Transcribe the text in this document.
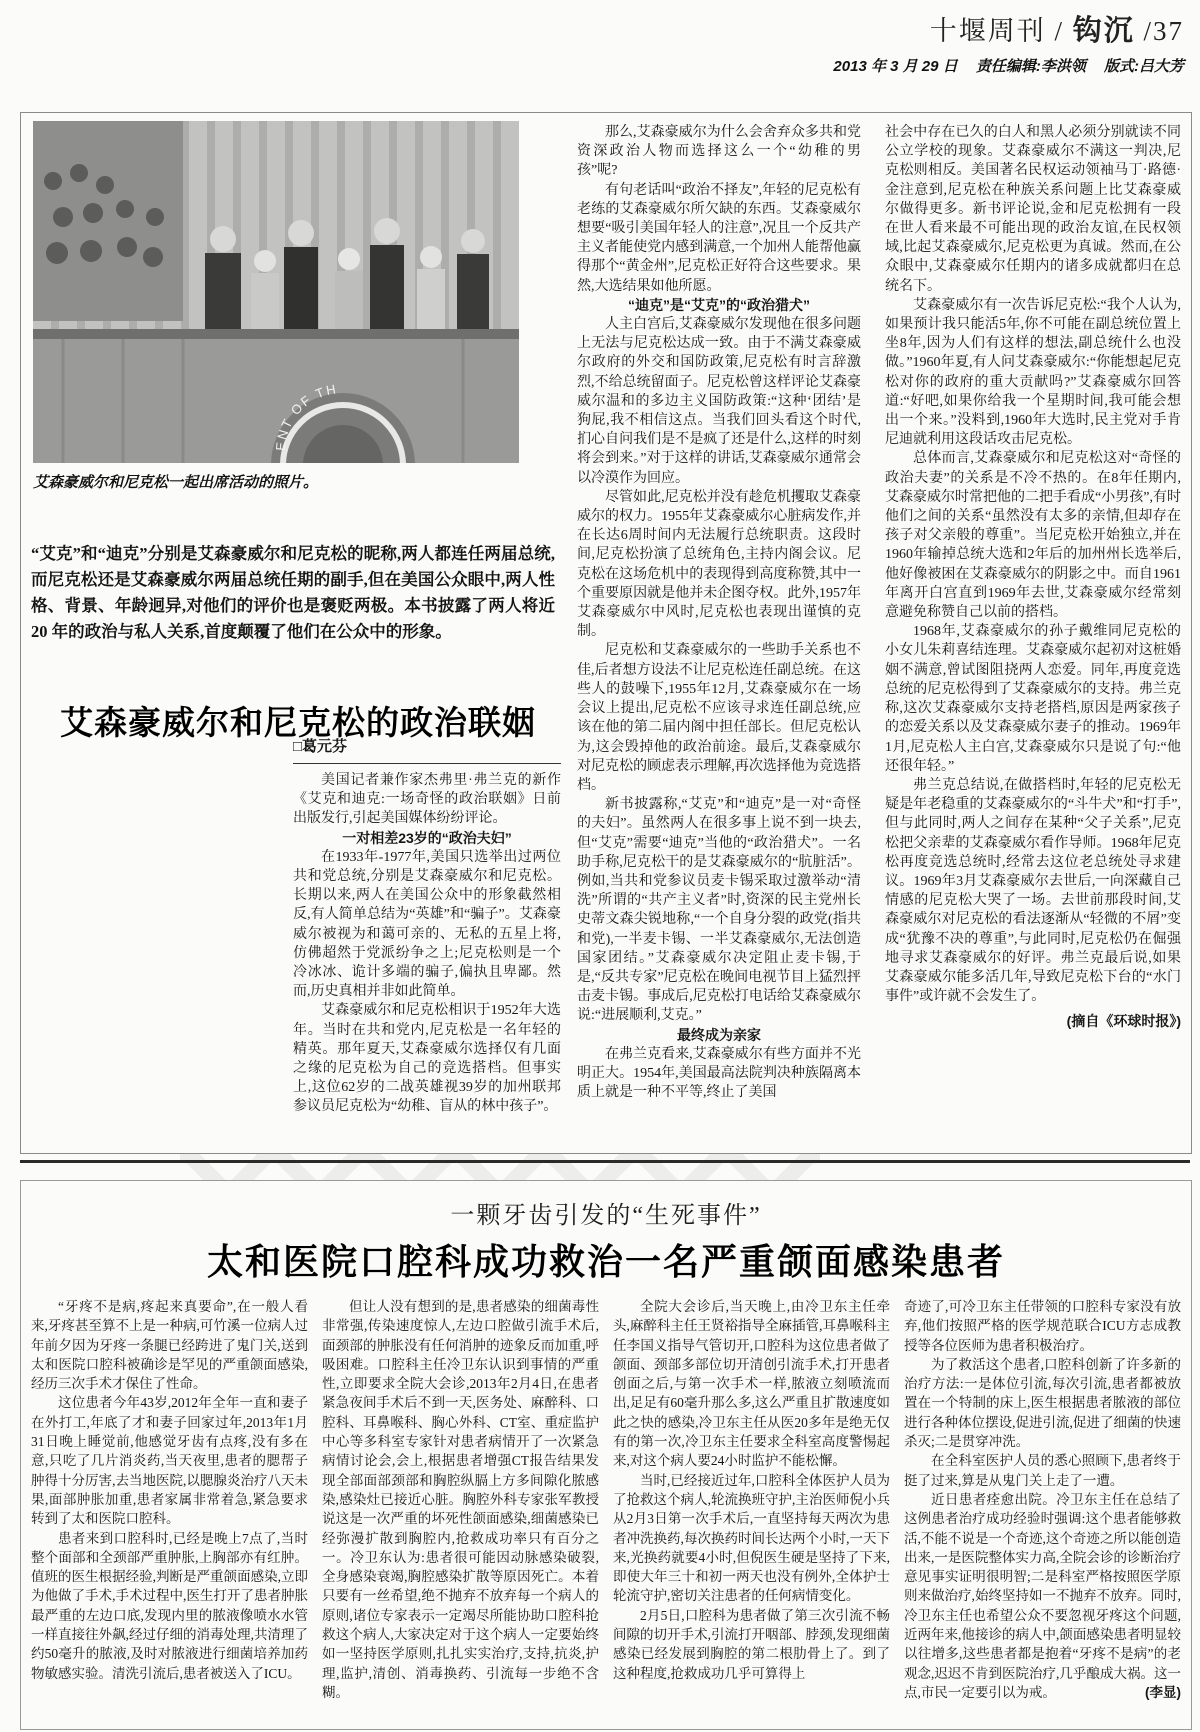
十堰周刊 / 钩沉 /37
2013 年 3 月 29 日 责任编辑:李洪领 版式:吕大芳
ENT OF TH
艾森豪威尔和尼克松一起出席活动的照片。
“艾克”和“迪克”分别是艾森豪威尔和尼克松的昵称,两人都连任两届总统,而尼克松还是艾森豪威尔两届总统任期的副手,但在美国公众眼中,两人性格、背景、年龄迥异,对他们的评价也是褒贬两极。本书披露了两人将近 20 年的政治与私人关系,首度颠覆了他们在公众中的形象。
艾森豪威尔和尼克松的政治联姻
□葛元芬

美国记者兼作家杰弗里·弗兰克的新作《艾克和迪克:一场奇怪的政治联姻》日前出版发行,引起美国媒体纷纷评论。

一对相差23岁的“政治夫妇”

在1933年-1977年,美国只选举出过两位共和党总统,分别是艾森豪威尔和尼克松。长期以来,两人在美国公众中的形象截然相反,有人简单总结为“英雄”和“骗子”。艾森豪威尔被视为和蔼可亲的、无私的五星上将,仿佛超然于党派纷争之上;尼克松则是一个冷冰冰、诡计多端的骗子,偏执且卑鄙。然而,历史真相并非如此简单。

艾森豪威尔和尼克松相识于1952年大选年。当时在共和党内,尼克松是一名年轻的精英。那年夏天,艾森豪威尔选择仅有几面之缘的尼克松为自己的竞选搭档。但事实上,这位62岁的二战英雄视39岁的加州联邦参议员尼克松为“幼稚、盲从的林中孩子”。

那么,艾森豪威尔为什么会舍弃众多共和党资深政治人物而选择这么一个“幼稚的男孩”呢?

有句老话叫“政治不择友”,年轻的尼克松有老练的艾森豪威尔所欠缺的东西。艾森豪威尔想要“吸引美国年轻人的注意”,况且一个反共产主义者能使党内感到满意,一个加州人能帮他赢得那个“黄金州”,尼克松正好符合这些要求。果然,大选结果如他所愿。

“迪克”是“艾克”的“政治猎犬”

人主白宫后,艾森豪威尔发现他在很多问题上无法与尼克松达成一致。由于不满艾森豪威尔政府的外交和国防政策,尼克松有时言辞激烈,不给总统留面子。尼克松曾这样评论艾森豪威尔温和的多边主义国防政策:“这种‘团结’是狗屁,我不相信这点。当我们回头看这个时代,扪心自问我们是不是疯了还是什么,这样的时刻将会到来。”对于这样的讲话,艾森豪威尔通常会以冷漠作为回应。

尽管如此,尼克松并没有趁危机攫取艾森豪威尔的权力。1955年艾森豪威尔心脏病发作,并在长达6周时间内无法履行总统职责。这段时间,尼克松扮演了总统角色,主持内阁会议。尼克松在这场危机中的表现得到高度称赞,其中一个重要原因就是他并未企图夺权。此外,1957年艾森豪威尔中风时,尼克松也表现出谨慎的克制。

尼克松和艾森豪威尔的一些助手关系也不佳,后者想方设法不让尼克松连任副总统。在这些人的鼓噪下,1955年12月,艾森豪威尔在一场会议上提出,尼克松不应该寻求连任副总统,应该在他的第二届内阁中担任部长。但尼克松认为,这会毁掉他的政治前途。最后,艾森豪威尔对尼克松的顾虑表示理解,再次选择他为竞选搭档。

新书披露称,“艾克”和“迪克”是一对“奇怪的夫妇”。虽然两人在很多事上说不到一块去,但“艾克”需要“迪克”当他的“政治猎犬”。一名助手称,尼克松干的是艾森豪威尔的“肮脏活”。例如,当共和党参议员麦卡锡采取过激举动“清洗”所谓的“共产主义者”时,资深的民主党州长史蒂文森尖锐地称,“一个自身分裂的政党(指共和党),一半麦卡锡、一半艾森豪威尔,无法创造国家团结。”艾森豪威尔决定阻止麦卡锡,于是,“反共专家”尼克松在晚间电视节目上猛烈抨击麦卡锡。事成后,尼克松打电话给艾森豪威尔说:“进展顺利,艾克。”

最终成为亲家

在弗兰克看来,艾森豪威尔有些方面并不光明正大。1954年,美国最高法院判决种族隔离本质上就是一种不平等,终止了美国

社会中存在已久的白人和黑人必须分别就读不同公立学校的现象。艾森豪威尔不满这一判决,尼克松则相反。美国著名民权运动领袖马丁·路德·金注意到,尼克松在种族关系问题上比艾森豪威尔做得更多。新书评论说,金和尼克松拥有一段在世人看来最不可能出现的政治友谊,在民权领域,比起艾森豪威尔,尼克松更为真诚。然而,在公众眼中,艾森豪威尔任期内的诸多成就都归在总统名下。

艾森豪威尔有一次告诉尼克松:“我个人认为,如果预计我只能活5年,你不可能在副总统位置上坐8年,因为人们有这样的想法,副总统什么也没做。”1960年夏,有人问艾森豪威尔:“你能想起尼克松对你的政府的重大贡献吗?”艾森豪威尔回答道:“好吧,如果你给我一个星期时间,我可能会想出一个来。”没料到,1960年大选时,民主党对手肯尼迪就利用这段话攻击尼克松。

总体而言,艾森豪威尔和尼克松这对“奇怪的政治夫妻”的关系是不冷不热的。在8年任期内,艾森豪威尔时常把他的二把手看成“小男孩”,有时他们之间的关系“虽然没有太多的亲情,但却存在孩子对父亲般的尊重”。当尼克松开始独立,并在1960年输掉总统大选和2年后的加州州长选举后,他好像被困在艾森豪威尔的阴影之中。而自1961年离开白宫直到1969年去世,艾森豪威尔经常刻意避免称赞自己以前的搭档。

1968年,艾森豪威尔的孙子戴维同尼克松的小女儿朱莉喜结连理。艾森豪威尔起初对这桩婚姻不满意,曾试图阻挠两人恋爱。同年,再度竞选总统的尼克松得到了艾森豪威尔的支持。弗兰克称,这次艾森豪威尔支持老搭档,原因是两家孩子的恋爱关系以及艾森豪威尔妻子的推动。1969年1月,尼克松人主白宫,艾森豪威尔只是说了句:“他还很年轻。”

弗兰克总结说,在做搭档时,年轻的尼克松无疑是年老稳重的艾森豪威尔的“斗牛犬”和“打手”,但与此同时,两人之间存在某种“父子关系”,尼克松把父亲辈的艾森豪威尔看作导师。1968年尼克松再度竞选总统时,经常去这位老总统处寻求建议。1969年3月艾森豪威尔去世后,一向深藏自己情感的尼克松大哭了一场。去世前那段时间,艾森豪威尔对尼克松的看法逐渐从“轻微的不屑”变成“犹豫不决的尊重”,与此同时,尼克松仍在倔强地寻求艾森豪威尔的好评。弗兰克最后说,如果艾森豪威尔能多活几年,导致尼克松下台的“水门事件”或许就不会发生了。

(摘自《环球时报》)

一颗牙齿引发的“生死事件”
太和医院口腔科成功救治一名严重颌面感染患者

“牙疼不是病,疼起来真要命”,在一般人看来,牙疼甚至算不上是一种病,可竹溪一位病人过年前夕因为牙疼一条腿已经跨进了鬼门关,送到太和医院口腔科被确诊是罕见的严重颌面感染,经历三次手术才保住了性命。

这位患者今年43岁,2012年全年一直和妻子在外打工,年底了才和妻子回家过年,2013年1月31日晚上睡觉前,他感觉牙齿有点疼,没有多在意,只吃了几片消炎药,当天夜里,患者的腮帮子肿得十分厉害,去当地医院,以腮腺炎治疗八天未果,面部肿胀加重,患者家属非常着急,紧急要求转到了太和医院口腔科。

患者来到口腔科时,已经是晚上7点了,当时整个面部和全颈部严重肿胀,上胸部亦有红肿。值班的医生根据经验,判断是严重颌面感染,立即为他做了手术,手术过程中,医生打开了患者肿胀最严重的左边口底,发现内里的脓液像喷水水管一样直接往外飙,经过仔细的消毒处理,共清理了约50毫升的脓液,及时对脓液进行细菌培养加药物敏感实验。清洗引流后,患者被送入了ICU。

但让人没有想到的是,患者感染的细菌毒性非常强,传染速度惊人,左边口腔做引流手术后,面颈部的肿胀没有任何消肿的迹象反而加重,呼吸困难。口腔科主任冷卫东认识到事情的严重性,立即要求全院大会诊,2013年2月4日,在患者紧急夜间手术后不到一天,医务处、麻醉科、口腔科、耳鼻喉科、胸心外科、CT室、重症监护中心等多科室专家针对患者病情开了一次紧急病情讨论会,会上,根据患者增强CT报告结果发现全部面部颈部和胸腔纵膈上方多间隙化脓感染,感染灶已接近心脏。胸腔外科专家张军教授说这是一次严重的坏死性颌面感染,细菌感染已经弥漫扩散到胸腔内,抢救成功率只有百分之一。冷卫东认为:患者很可能因动脉感染破裂,全身感染衰竭,胸腔感染扩散等原因死亡。本着只要有一丝希望,绝不抛弃不放弃每一个病人的原则,诸位专家表示一定竭尽所能协助口腔科抢救这个病人,大家决定对于这个病人一定要始终如一坚持医学原则,扎扎实实治疗,支持,抗炎,护理,监护,清创、消毒换药、引流每一步绝不含糊。

全院大会诊后,当天晚上,由冷卫东主任牵头,麻醉科主任王贤裕指导全麻插管,耳鼻喉科主任李国义指导气管切开,口腔科为这位患者做了颌面、颈部多部位切开清创引流手术,打开患者创面之后,与第一次手术一样,脓液立刻喷流而出,足足有60毫升那么多,这么严重且扩散速度如此之快的感染,冷卫东主任从医20多年是绝无仅有的第一次,冷卫东主任要求全科室高度警惕起来,对这个病人要24小时监护不能松懈。

当时,已经接近过年,口腔科全体医护人员为了抢救这个病人,轮流换班守护,主治医师倪小兵从2月3日第一次手术后,一直坚持每天两次为患者冲洗换药,每次换药时间长达两个小时,一天下来,光换药就要4小时,但倪医生硬是坚持了下来,即使大年三十和初一两天也没有例外,全体护士轮流守护,密切关注患者的任何病情变化。

2月5日,口腔科为患者做了第三次引流不畅间隙的切开手术,引流打开咽部、脖颈,发现细菌感染已经发展到胸腔的第二根肋骨上了。到了这种程度,抢救成功几乎可算得上

奇迹了,可冷卫东主任带领的口腔科专家没有放弃,他们按照严格的医学规范联合ICU方志成教授等各位医师为患者积极治疗。

为了救活这个患者,口腔科创新了许多新的治疗方法:一是体位引流,每次引流,患者都被放置在一个特制的床上,医生根据患者脓液的部位进行各种体位摆设,促进引流,促进了细菌的快速杀灭;二是贯穿冲洗。

在全科室医护人员的悉心照顾下,患者终于挺了过来,算是从鬼门关上走了一遭。

近日患者痊愈出院。冷卫东主任在总结了这例患者治疗成功经验时强调:这个患者能够救活,不能不说是一个奇迹,这个奇迹之所以能创造出来,一是医院整体实力高,全院会诊的诊断治疗意见事实证明很明智;二是科室严格按照医学原则来做治疗,始终坚持如一不抛弃不放弃。同时,冷卫东主任也希望公众不要忽视牙疼这个问题,近两年来,他接诊的病人中,颌面感染患者明显较以往增多,这些患者都是抱着“牙疼不是病”的老观念,迟迟不肯到医院治疗,几乎酿成大祸。这一点,市民一定要引以为戒。	(李显)
